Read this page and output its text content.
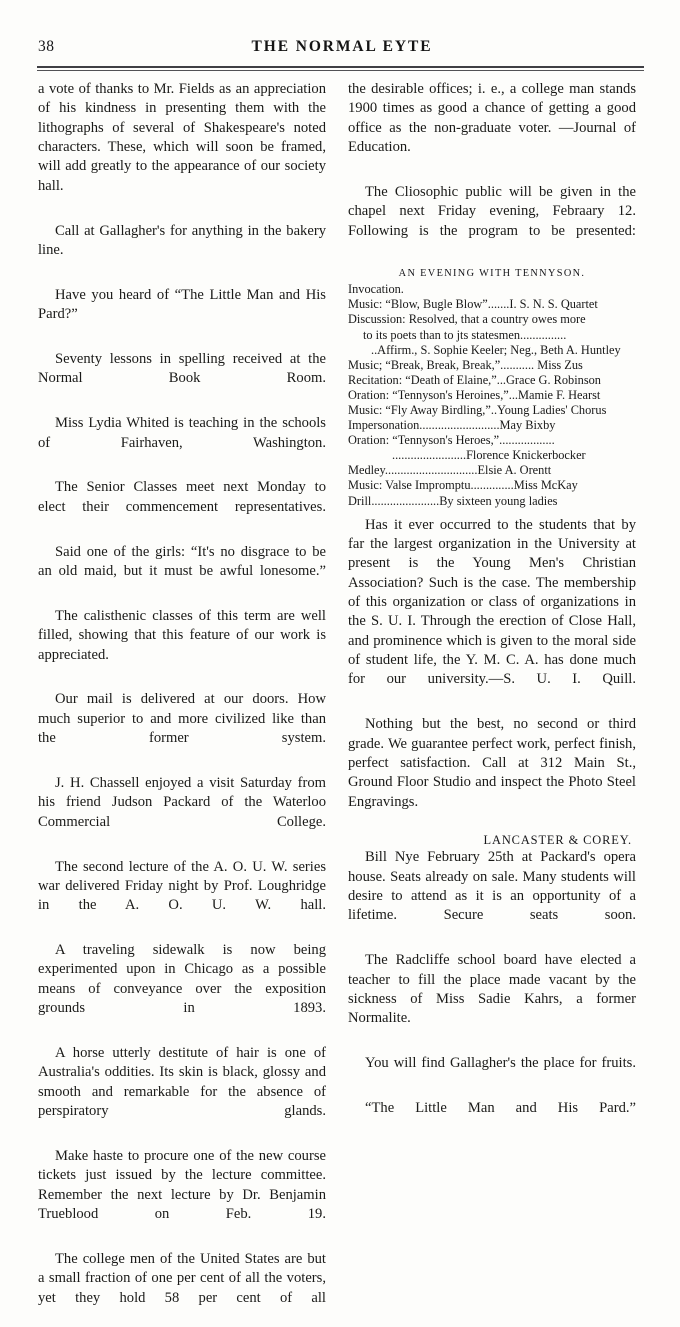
38	THE NORMAL EYTE

a vote of thanks to Mr. Fields as an appreciation of his kindness in presenting them with the lithographs of several of Shakespeare's noted characters. These, which will soon be framed, will add greatly to the appearance of our society hall.

Call at Gallagher's for anything in the bakery line.

Have you heard of “The Little Man and His Pard?”

Seventy lessons in spelling received at the Normal Book Room.

Miss Lydia Whited is teaching in the schools of Fairhaven, Washington.

The Senior Classes meet next Monday to elect their commencement representatives.

Said one of the girls: “It's no disgrace to be an old maid, but it must be awful lonesome.”

The calisthenic classes of this term are well filled, showing that this feature of our work is appreciated.

Our mail is delivered at our doors. How much superior to and more civilized like than the former system.

J. H. Chassell enjoyed a visit Saturday from his friend Judson Packard of the Waterloo Commercial College.

The second lecture of the A. O. U. W. series war delivered Friday night by Prof. Loughridge in the A. O. U. W. hall.

A traveling sidewalk is now being experimented upon in Chicago as a possible means of conveyance over the exposition grounds in 1893.

A horse utterly destitute of hair is one of Australia's oddities. Its skin is black, glossy and smooth and remarkable for the absence of perspiratory glands.

Make haste to procure one of the new course tickets just issued by the lecture committee. Remember the next lecture by Dr. Benjamin Trueblood on Feb. 19.

The college men of the United States are but a small fraction of one per cent of all the voters, yet they hold 58 per cent of all

the desirable offices; i. e., a college man stands 1900 times as good a chance of getting a good office as the non-graduate voter. —Journal of Education.

The Cliosophic public will be given in the chapel next Friday evening, Febraary 12. Following is the program to be presented:

AN EVENING WITH TENNYSON.
Invocation.
Music: “Blow, Bugle Blow”.......I. S. N. S. Quartet
Discussion: Resolved, that a country owes more
to its poets than to jts statesmen...............
..Affirm., S. Sophie Keeler; Neg., Beth A. Huntley
Music; “Break, Break, Break,”........... Miss Zus
Recitation: “Death of Elaine,”...Grace G. Robinson
Oration: “Tennyson's Heroines,”...Mamie F. Hearst
Music: “Fly Away Birdling,”..Young Ladies' Chorus
Impersonation..........................May Bixby
Oration: “Tennyson's Heroes,”..................
........................Florence Knickerbocker
Medley..............................Elsie A. Orentt
Music: Valse Impromptu..............Miss McKay
Drill......................By sixteen young ladies

Has it ever occurred to the students that by far the largest organization in the University at present is the Young Men's Christian Association? Such is the case. The membership of this organization or class of organizations in the S. U. I. Through the erection of Close Hall, and prominence which is given to the moral side of student life, the Y. M. C. A. has done much for our university.—S. U. I. Quill.

Nothing but the best, no second or third grade. We guarantee perfect work, perfect finish, perfect satisfaction. Call at 312 Main St., Ground Floor Studio and inspect the Photo Steel Engravings.

LANCASTER & COREY.

Bill Nye February 25th at Packard's opera house. Seats already on sale. Many students will desire to attend as it is an opportunity of a lifetime. Secure seats soon.

The Radcliffe school board have elected a teacher to fill the place made vacant by the sickness of Miss Sadie Kahrs, a former Normalite.

You will find Gallagher's the place for fruits.

“The Little Man and His Pard.”
